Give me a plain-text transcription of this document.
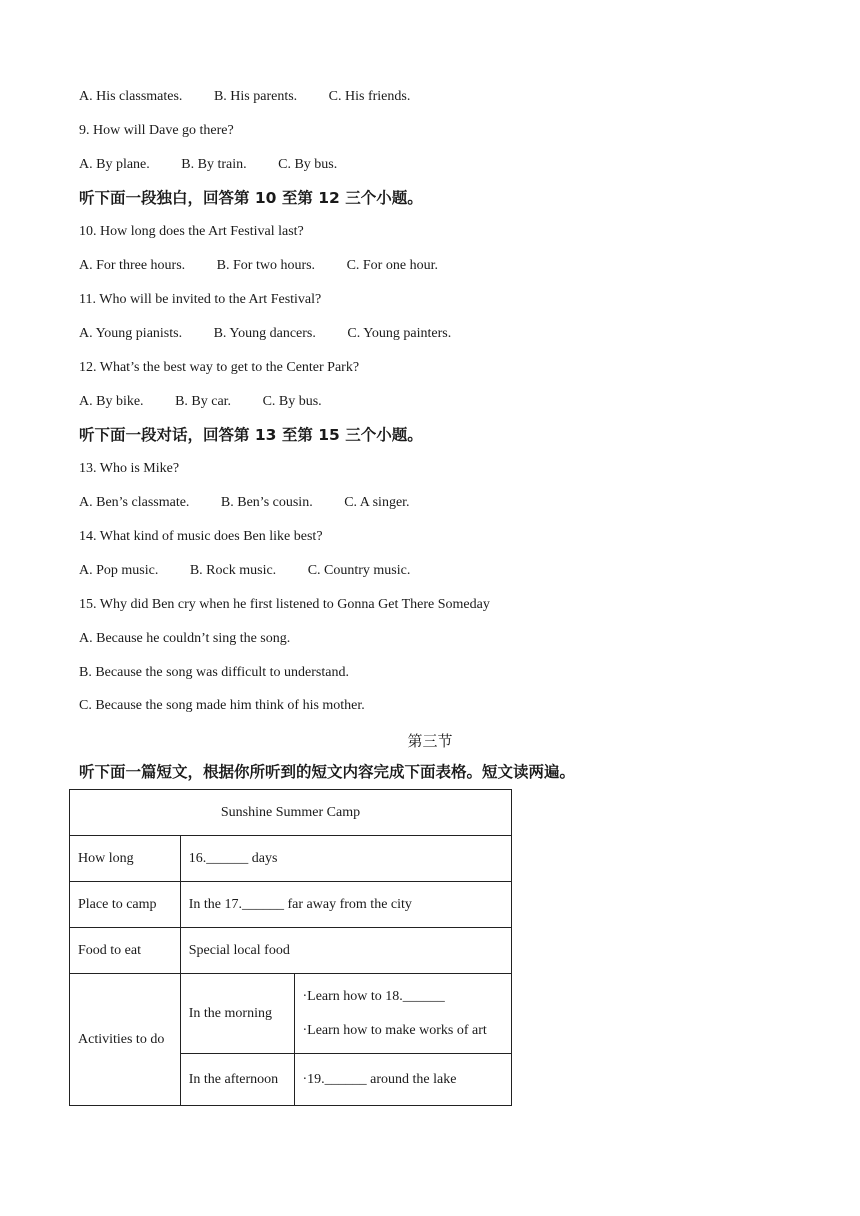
A. His classmates. B. His parents. C. His friends.
9. How will Dave go there?
A. By plane. B. By train. C. By bus.
听下面一段独白，回答第 10 至第 12 三个小题。
10. How long does the Art Festival last?
A. For three hours. B. For two hours. C. For one hour.
11. Who will be invited to the Art Festival?
A. Young pianists. B. Young dancers. C. Young painters.
12. What’s the best way to get to the Center Park?
A. By bike. B. By car. C. By bus.
听下面一段对话，回答第 13 至第 15 三个小题。
13. Who is Mike?
A. Ben’s classmate. B. Ben’s cousin. C. A singer.
14. What kind of music does Ben like best?
A. Pop music. B. Rock music. C. Country music.
15. Why did Ben cry when he first listened to Gonna Get There Someday
A. Because he couldn’t sing the song.
B. Because the song was difficult to understand.
C. Because the song made him think of his mother.
第三节
听下面一篇短文，根据你所听到的短文内容完成下面表格。短文读两遍。
Sunshine Summer Camp		
How long	16.______ days	
Place to camp	In the 17.______ far away from the city	
Food to eat	Special local food	
Activities to do	In the morning	·Learn how to 18.______
·Learn how to make works of art

	In the afternoon	·19.______ around the lake
